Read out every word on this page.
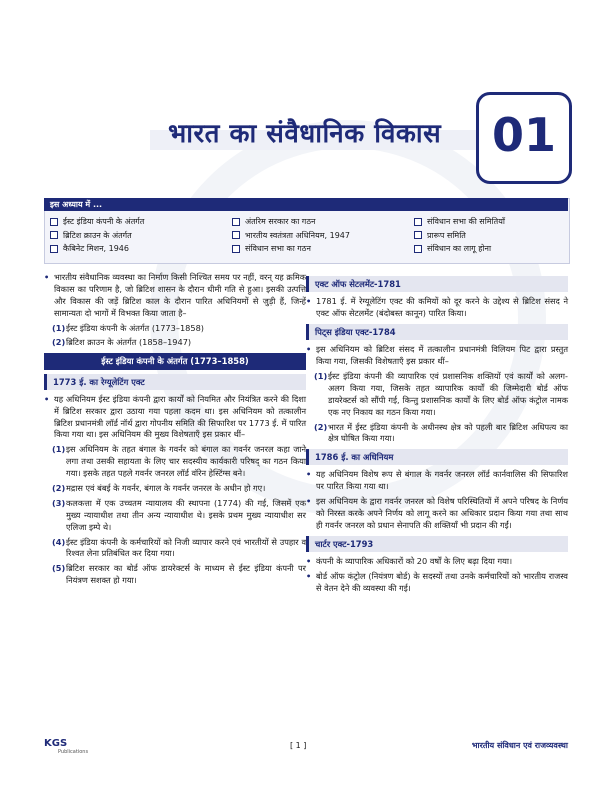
भारत का संवैधानिक विकास	01
इस अध्याय में ...
ईस्ट इंडिया कंपनी के अंतर्गत	अंतरिम सरकार का गठन	संविधान सभा की समितियाँ
ब्रिटिश क्राउन के अंतर्गत	भारतीय स्वतंत्रता अधिनियम, 1947	प्रारूप समिति
कैबिनेट मिशन, 1946	संविधान सभा का गठन	संविधान का लागू होना
• भारतीय संवैधानिक व्यवस्था का निर्माण किसी निश्चित समय पर नहीं, वरन् यह क्रमिक विकास का परिणाम है, जो ब्रिटिश शासन के दौरान धीमी गति से हुआ। इसकी उत्पत्ति और विकास की जड़ें ब्रिटिश काल के दौरान पारित अधिनियमों से जुड़ी हैं, जिन्हें सामान्यतः दो भागों में विभक्त किया जाता है–
(1) ईस्ट इंडिया कंपनी के अंतर्गत (1773–1858)
(2) ब्रिटिश क्राउन के अंतर्गत (1858–1947)
ईस्ट इंडिया कंपनी के अंतर्गत (1773–1858)
1773 ई. का रेग्यूलेटिंग एक्ट
• यह अधिनियम ईस्ट इंडिया कंपनी द्वारा कार्यों को नियमित और नियंत्रित करने की दिशा में ब्रिटिश सरकार द्वारा उठाया गया पहला कदम था। इस अधिनियम को तत्कालीन ब्रिटिश प्रधानमंत्री लॉर्ड नॉर्थ द्वारा गोपनीय समिति की सिफारिश पर 1773 ई. में पारित किया गया था। इस अधिनियम की मुख्य विशेषताएँ इस प्रकार थीं–
(1) इस अधिनियम के तहत बंगाल के गवर्नर को बंगाल का गवर्नर जनरल कहा जाने लगा तथा उसकी सहायता के लिए चार सदस्यीय कार्यकारी परिषद् का गठन किया गया। इसके तहत पहले गवर्नर जनरल लॉर्ड वॉरेन हेस्टिंग्स बने।
(2) मद्रास एवं बंबई के गवर्नर, बंगाल के गवर्नर जनरल के अधीन हो गए।
(3) कलकत्ता में एक उच्चतम न्यायालय की स्थापना (1774) की गई, जिसमें एक मुख्य न्यायाधीश तथा तीन अन्य न्यायाधीश थे। इसके प्रथम मुख्य न्यायाधीश सर एलिजा इम्पे थे।
(4) ईस्ट इंडिया कंपनी के कर्मचारियों को निजी व्यापार करने एवं भारतीयों से उपहार व रिश्वत लेना प्रतिबंधित कर दिया गया।
(5) ब्रिटिश सरकार का बोर्ड ऑफ डायरेक्टर्स के माध्यम से ईस्ट इंडिया कंपनी पर नियंत्रण सशक्त हो गया।
एक्ट ऑफ सेटलमेंट-1781
• 1781 ई. में रेग्यूलेटिंग एक्ट की कमियों को दूर करने के उद्देश्य से ब्रिटिश संसद ने एक्ट ऑफ सेटलमेंट (बंदोबस्त कानून) पारित किया।
पिट्स इंडिया एक्ट-1784
• इस अधिनियम को ब्रिटिश संसद में तत्कालीन प्रधानमंत्री विलियम पिट द्वारा प्रस्तुत किया गया, जिसकी विशेषताएँ इस प्रकार थीं–
(1) ईस्ट इंडिया कंपनी की व्यापारिक एवं प्रशासनिक शक्तियों एवं कार्यों को अलग-अलग किया गया, जिसके तहत व्यापारिक कार्यों की जिम्मेदारी बोर्ड ऑफ डायरेक्टर्स को सौंपी गई, किन्तु प्रशासनिक कार्यों के लिए बोर्ड ऑफ कंट्रोल नामक एक नए निकाय का गठन किया गया।
(2) भारत में ईस्ट इंडिया कंपनी के अधीनस्थ क्षेत्र को पहली बार ब्रिटिश अधिपत्य का क्षेत्र घोषित किया गया।
1786 ई. का अधिनियम
• यह अधिनियम विशेष रूप से बंगाल के गवर्नर जनरल लॉर्ड कार्नवालिस की सिफारिश पर पारित किया गया था।
• इस अधिनियम के द्वारा गवर्नर जनरल को विशेष परिस्थितियों में अपने परिषद के निर्णय को निरस्त करके अपने निर्णय को लागू करने का अधिकार प्रदान किया गया तथा साथ ही गवर्नर जनरल को प्रधान सेनापति की शक्तियाँ भी प्रदान की गईं।
चार्टर एक्ट-1793
• कंपनी के व्यापारिक अधिकारों को 20 वर्षों के लिए बढ़ा दिया गया।
• बोर्ड ऑफ कंट्रोल (नियंत्रण बोर्ड) के सदस्यों तथा उनके कर्मचारियों को भारतीय राजस्व से वेतन देने की व्यवस्था की गई।
KGS
Publications
[ 1 ]	भारतीय संविधान एवं राजव्यवस्था
